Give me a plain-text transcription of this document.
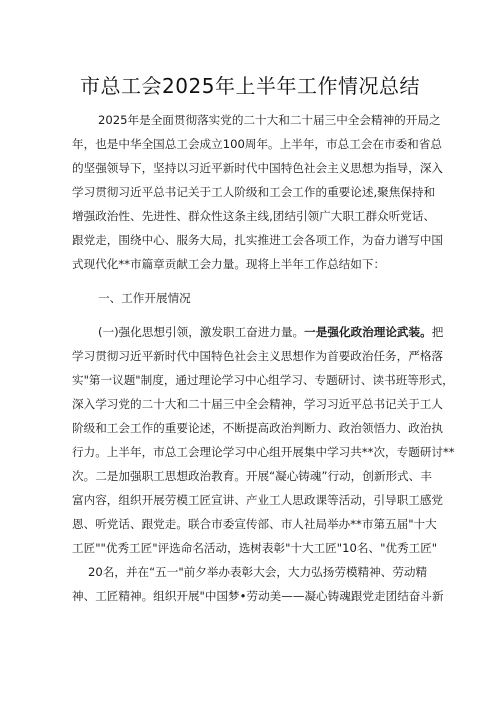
市总工会2025年上半年工作情况总结
2025年是全面贯彻落实党的二十大和二十届三中全会精神的开局之
年，也是中华全国总工会成立100周年。上半年，市总工会在市委和省总
的坚强领导下，坚持以习近平新时代中国特色社会主义思想为指导，深入
学习贯彻习近平总书记关于工人阶级和工会工作的重要论述,聚焦保持和
增强政治性、先进性、群众性这条主线,团结引领广大职工群众听党话、
跟党走，围绕中心、服务大局，扎实推进工会各项工作，为奋力谱写中国
式现代化**市篇章贡献工会力量。现将上半年工作总结如下：
一、工作开展情况
(一)强化思想引领，激发职工奋进力量。一是强化政治理论武装。把
学习贯彻习近平新时代中国特色社会主义思想作为首要政治任务，严格落
实"第一议题"制度，通过理论学习中心组学习、专题研讨、读书班等形式，
深入学习党的二十大和二十届三中全会精神，学习习近平总书记关于工人
阶级和工会工作的重要论述，不断提高政治判断力、政治领悟力、政治执
行力。上半年，市总工会理论学习中心组开展集中学习共**次，专题研讨**
次。二是加强职工思想政治教育。开展“凝心铸魂”行动，创新形式、丰
富内容，组织开展劳模工匠宣讲、产业工人思政课等活动，引导职工感党
恩、听党话、跟党走。联合市委宣传部、市人社局举办**市第五届"十大
工匠""优秀工匠"评选命名活动，选树表彰"十大工匠"10名、"优秀工匠"
20名，并在“五一"前夕举办表彰大会，大力弘扬劳模精神、劳动精
神、工匠精神。组织开展"中国梦•劳动美——凝心铸魂跟党走团结奋斗新
